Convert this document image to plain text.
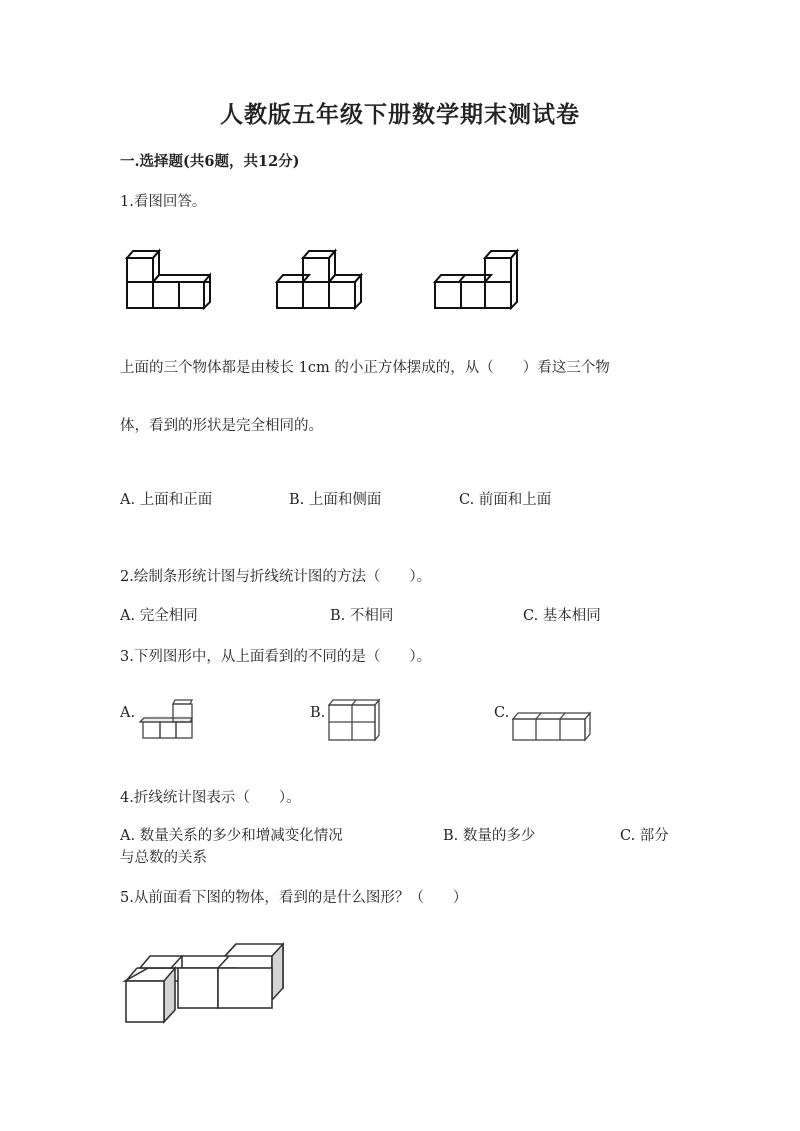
人教版五年级下册数学期末测试卷
一.选择题(共6题，共12分)
1.看图回答。
上面的三个物体都是由棱长 1cm 的小正方体摆成的，从（　　）看这三个物
体，看到的形状是完全相同的。
A. 上面和正面	B. 上面和侧面	C. 前面和上面
2.绘制条形统计图与折线统计图的方法（　　）。
A. 完全相同	B. 不相同	C. 基本相同
3.下列图形中，从上面看到的不同的是（　　）。
A.	B.	C.
4.折线统计图表示（　　）。
A. 数量关系的多少和增减变化情况	B. 数量的多少	C. 部分
与总数的关系
5.从前面看下图的物体，看到的是什么图形？（　　）
